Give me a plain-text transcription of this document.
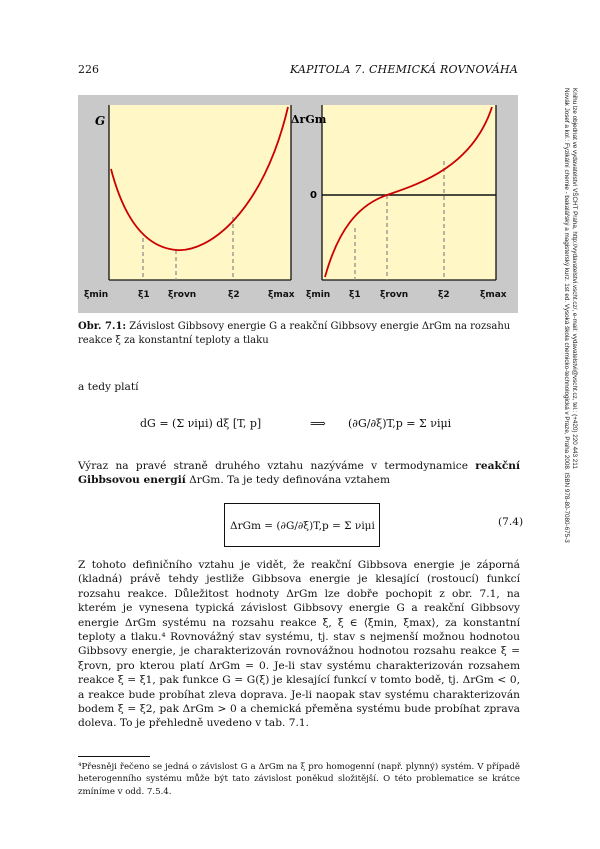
226	KAPITOLA 7. CHEMICKÁ ROVNOVÁHA
Novák Josef a kol.: Fyzikální chemie - bakalářský a magisterský kurz. 1st ed. Vysoká škola chemicko-technologická v Praze, Praha 2008. ISBN 978-80-7080-675-3 Knihu lze objednat ve vydavatelství VŠCHT Praha, http://vydavatelstvi.vscht.cz/, e-mail: vydavatelstvi@vscht.cz, tel.: (+420) 220 443 211
G	ΔrGm
0
ξmin	ξ1 ξrovn	ξ2	ξmax ξmin ξ1 ξrovn	ξ2	ξmax
Obr. 7.1: Závislost Gibbsovy energie G a reakční Gibbsovy energie ΔrGm na rozsahu reakce ξ za konstantní teploty a tlaku
a tedy platí
dG = (Σ νiμi) dξ [T, p]	⟹ (∂G/∂ξ)T,p = Σ νiμi
Výraz na pravé straně druhého vztahu nazýváme v termodynamice reakční Gibbsovou energií ΔrGm. Ta je tedy definována vztahem
ΔrGm = (∂G/∂ξ)T,p = Σ νiμi	(7.4)
Z tohoto definičního vztahu je vidět, že reakční Gibbsova energie je záporná (kladná) právě tehdy jestliže Gibbsova energie je klesající (rostoucí) funkcí rozsahu reakce. Důležitost hodnoty ΔrGm lze dobře pochopit z obr. 7.1, na kterém je vynesena typická závislost Gibbsovy energie G a reakční Gibbsovy energie ΔrGm systému na rozsahu reakce ξ, ξ ∈ ⟨ξmin, ξmax⟩, za konstantní teploty a tlaku.⁴ Rovnovážný stav systému, tj. stav s nejmenší možnou hodnotou Gibbsovy energie, je charakterizován rovnovážnou hodnotou rozsahu reakce ξ = ξrovn, pro kterou platí ΔrGm = 0. Je-li stav systému charakterizován rozsahem reakce ξ = ξ1, pak funkce G = G(ξ) je klesající funkcí v tomto bodě, tj. ΔrGm < 0, a reakce bude probíhat zleva doprava. Je-li naopak stav systému charakterizován bodem ξ = ξ2, pak ΔrGm > 0 a chemická přeměna systému bude probíhat zprava doleva. To je přehledně uvedeno v tab. 7.1.
⁴Přesněji řečeno se jedná o závislost G a ΔrGm na ξ pro homogenní (např. plynný) systém. V případě heterogenního systému může být tato závislost poněkud složitější. O této problematice se krátce zmíníme v odd. 7.5.4.
